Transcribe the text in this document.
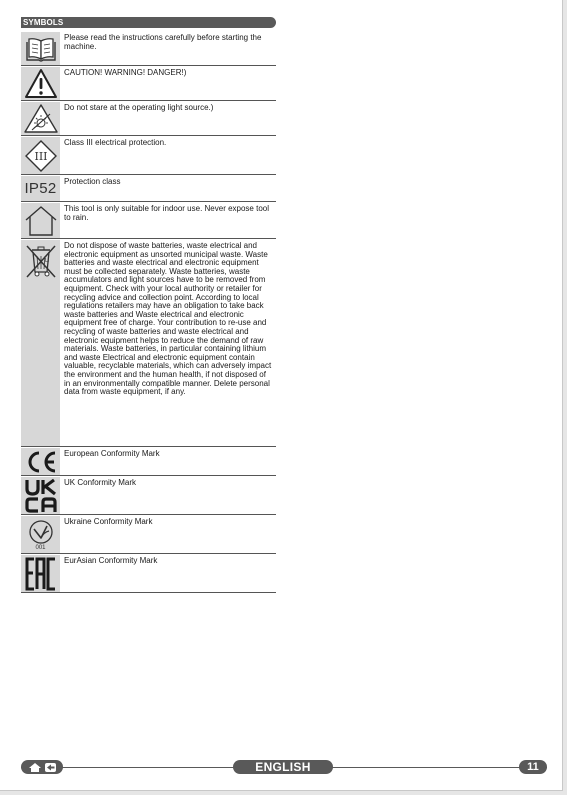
SYMBOLS
Please read the instructions carefully before starting the machine.
CAUTION! WARNING! DANGER!)
Do not stare at the operating light source.)
III
Class III electrical protection.
IP52 Protection class
This tool is only suitable for indoor use. Never expose tool to rain.
Li
Do not dispose of waste batteries, waste electrical and electronic equipment as unsorted municipal waste. Waste batteries and waste electrical and electronic equipment must be collected separately. Waste batteries, waste accumulators and light sources have to be removed from equipment. Check with your local authority or retailer for recycling advice and collection point. According to local regulations retailers may have an obligation to take back waste batteries and Waste electrical and electronic equipment free of charge. Your contribution to re-use and recycling of waste batteries and waste electrical and electronic equipment helps to reduce the demand of raw materials. Waste batteries, in particular containing lithium and waste Electrical and electronic equipment contain valuable, recyclable materials, which can adversely impact the environment and the human health, if not disposed of in an environmentally compatible manner. Delete personal data from waste equipment, if any.
European Conformity Mark
UK Conformity Mark
001
Ukraine Conformity Mark
EurAsian Conformity Mark
ENGLISH	11
